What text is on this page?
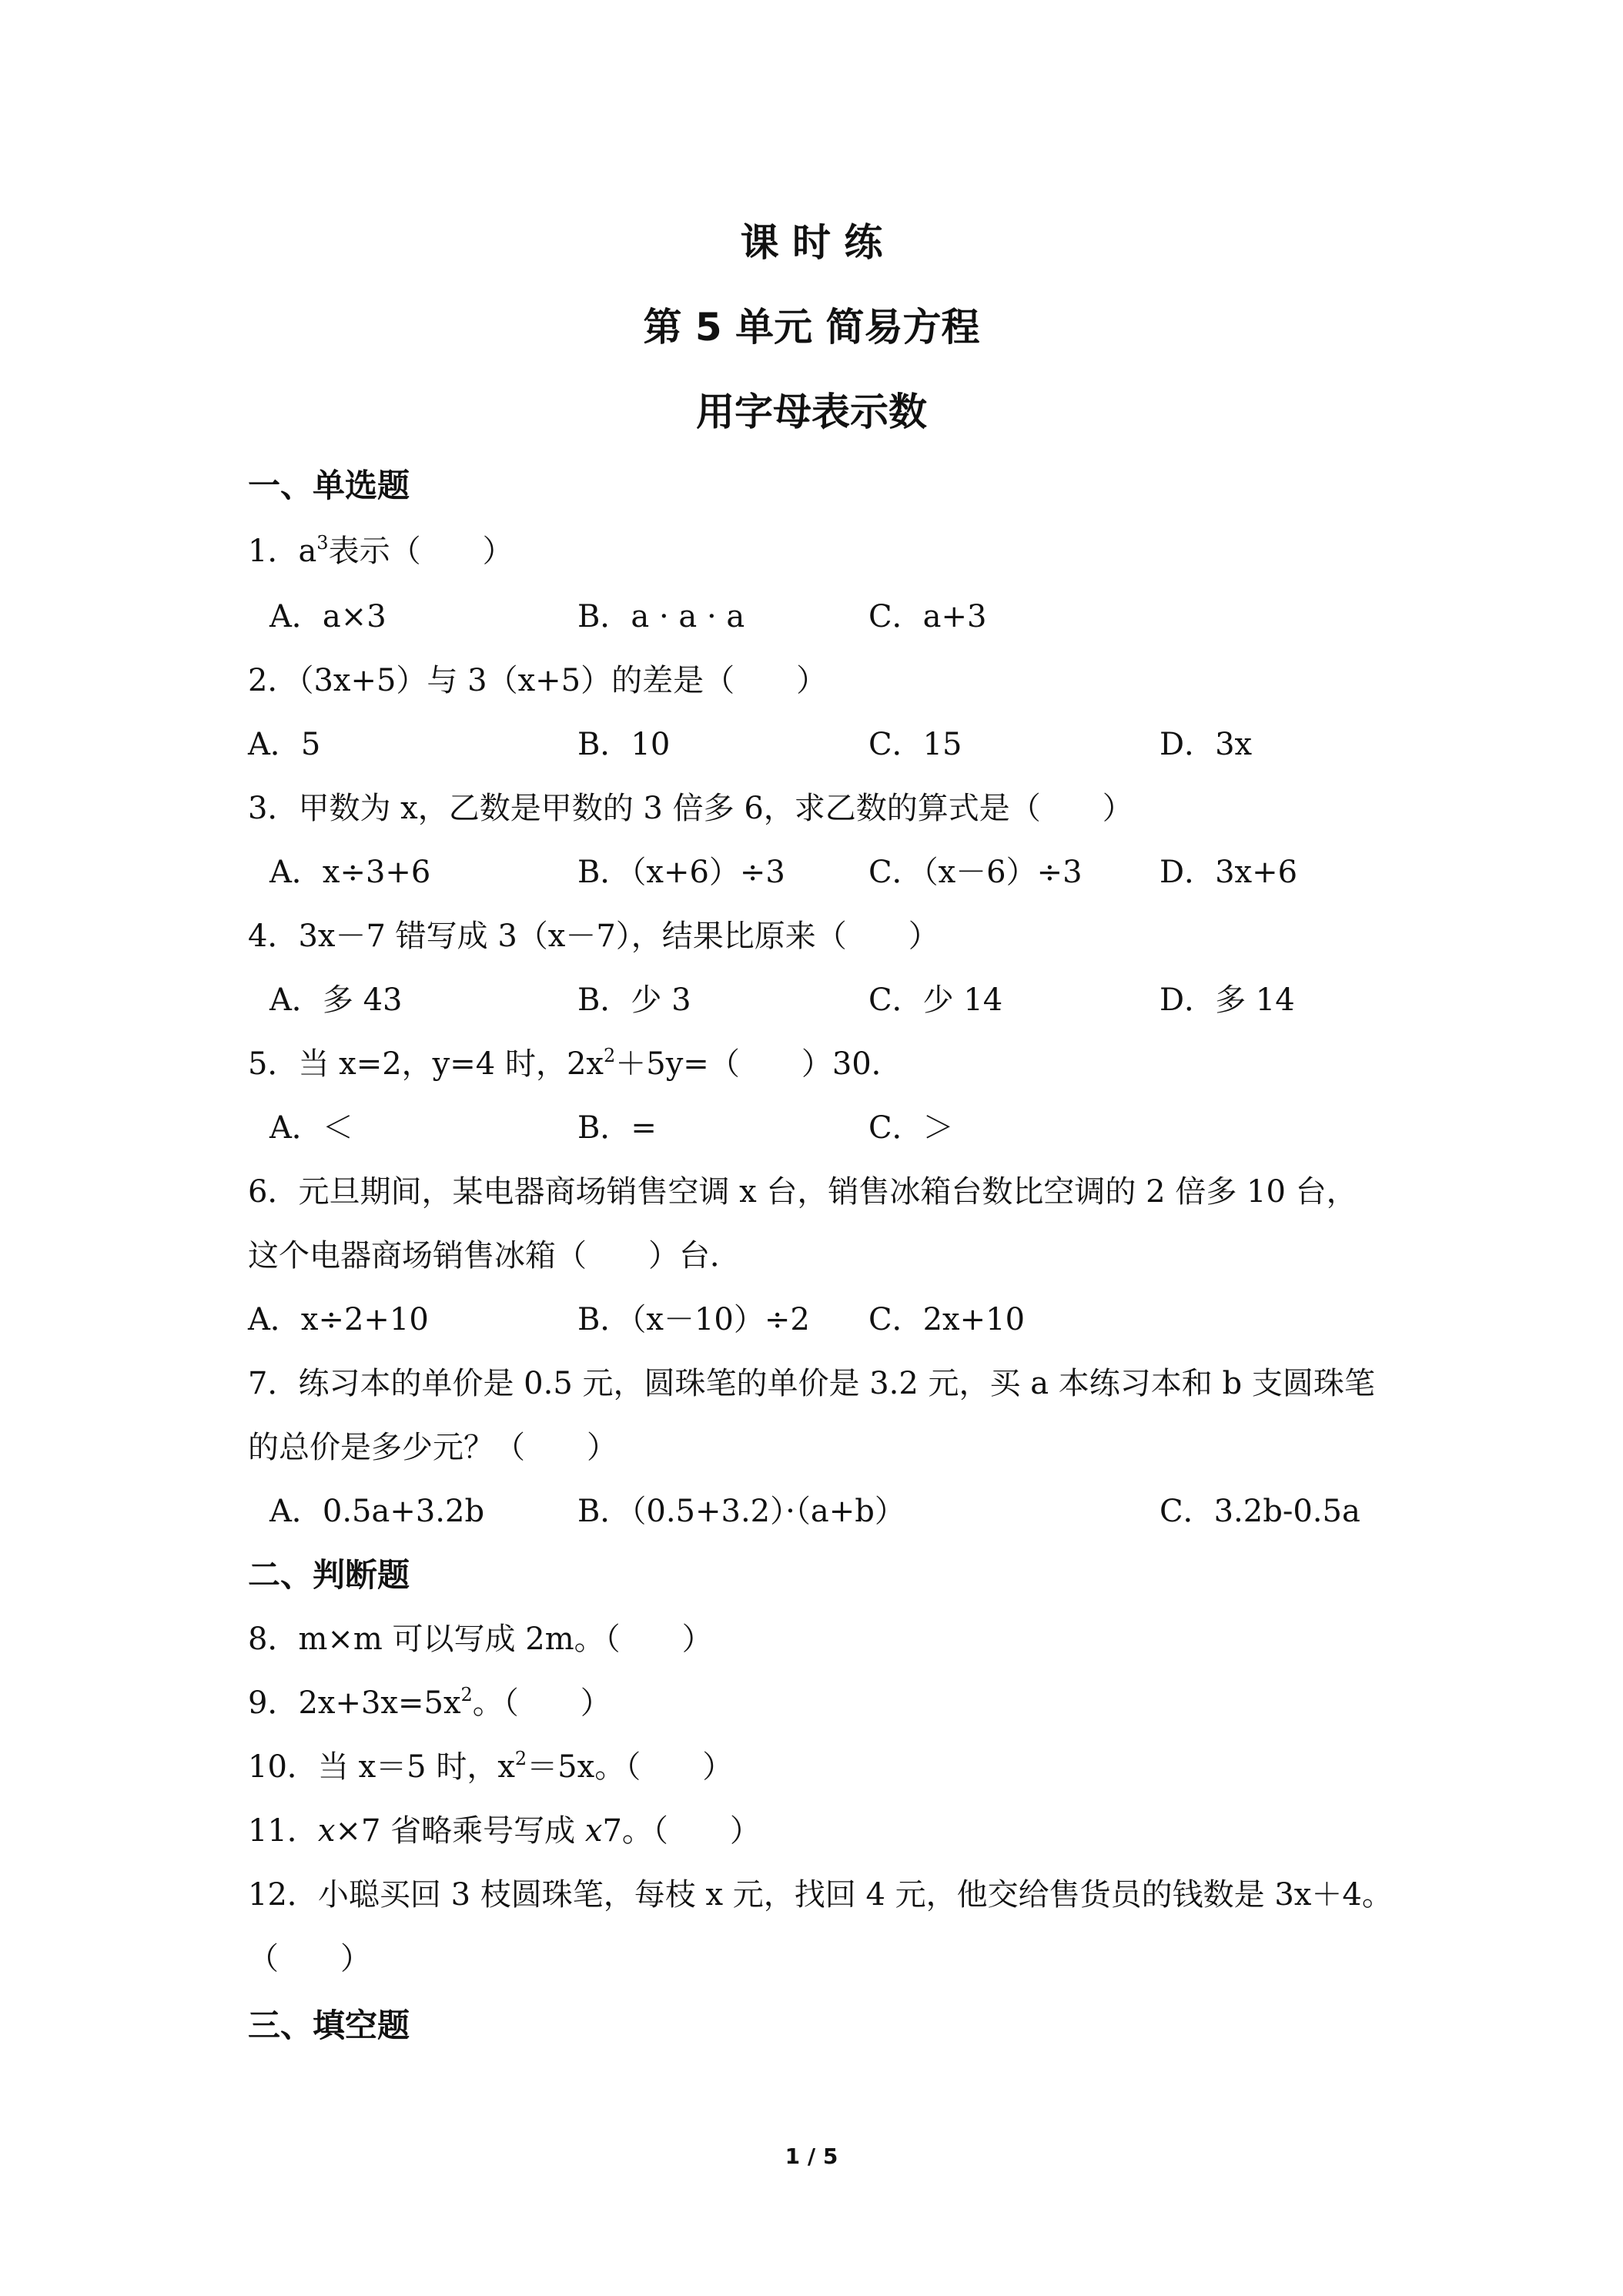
课 时 练
第 5 单元 简易方程
用字母表示数
一、单选题
1．$a^3$表示（　　）
A．a×3	B．a · a · a	C．a+3
2．（3x+5）与 3（x+5）的差是（　　）
A．5	B．10	C．15	D．3x
3．甲数为 x，乙数是甲数的 3 倍多 6，求乙数的算式是（　　）
A．x÷3+6	B．（x+6）÷3	C．（x－6）÷3	D．3x+6
4．3x－7 错写成 3（x－7），结果比原来（　　）
A．多 43	B．少 3	C．少 14	D．多 14
5．当 x=2，y=4 时，$2x^2+5y=$（　　）30．
A．＜	B．=	C．＞
6．元旦期间，某电器商场销售空调 x 台，销售冰箱台数比空调的 2 倍多 10 台，
这个电器商场销售冰箱（　　）台．
A．x÷2+10	B．（x－10）÷2 C．2x+10
7．练习本的单价是 0.5 元，圆珠笔的单价是 3.2 元，买 a 本练习本和 b 支圆珠笔
的总价是多少元？（　　）
A．0.5a+3.2b	B．（0.5+3.2）·（a+b）	C．3.2b-0.5a
二、判断题
8．m×m 可以写成 2m。（　　）
9．$2x+3x=5x^2$。（　　）
10．当 x＝5 时，$x^2=5x$。（　　）
11．x×7 省略乘号写成 x7。（　　）
12．小聪买回 3 枝圆珠笔，每枝 x 元，找回 4 元，他交给售货员的钱数是 3x＋4。
（　　）
三、填空题
1 / 5
